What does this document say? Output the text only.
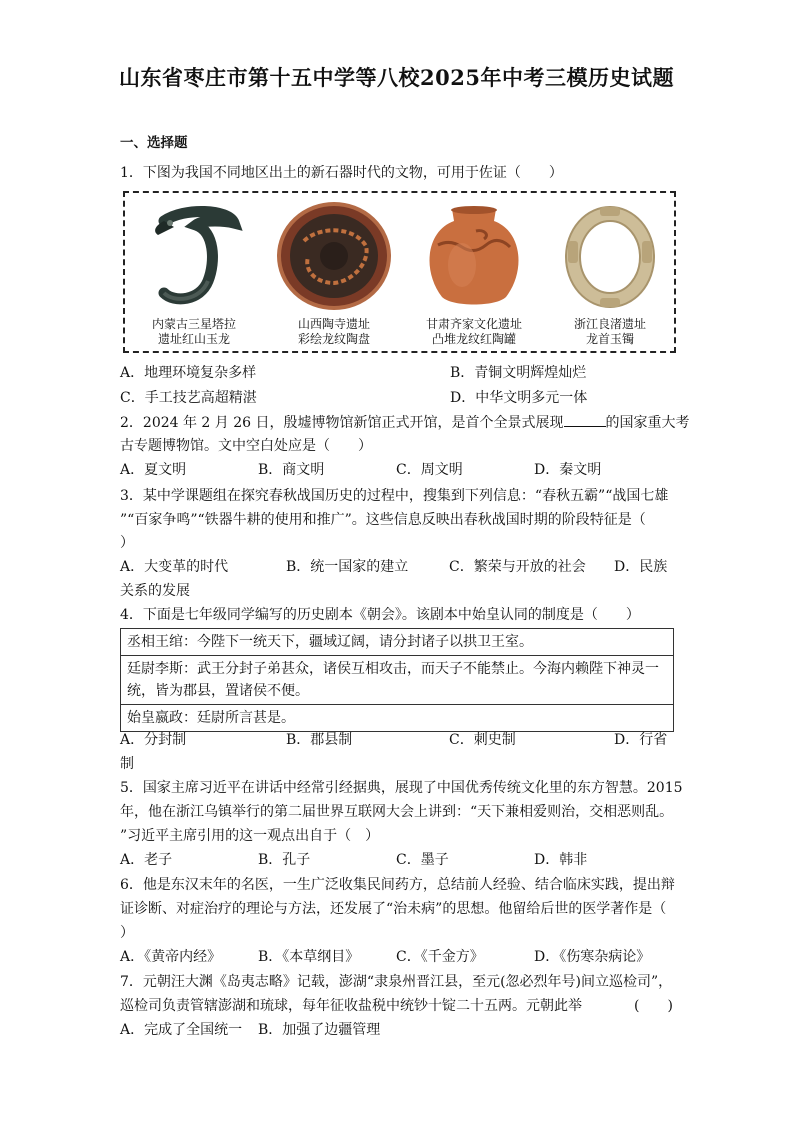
山东省枣庄市第十五中学等八校2025年中考三模历史试题
一、选择题
1．下图为我国不同地区出土的新石器时代的文物，可用于佐证（　　）
内蒙古三星塔拉
遗址红山玉龙
山西陶寺遗址
彩绘龙纹陶盘
甘肃齐家文化遗址
凸堆龙纹红陶罐
浙江良渚遗址
龙首玉镯
A．地理环境复杂多样	B．青铜文明辉煌灿烂
C．手工技艺高超精湛	D．中华文明多元一体
2．2024 年 2 月 26 日，殷墟博物馆新馆正式开馆，是首个全景式展现	的国家重大考
古专题博物馆。文中空白处应是（　　）
A．夏文明	B．商文明	C．周文明	D．秦文明
3．某中学课题组在探究春秋战国历史的过程中，搜集到下列信息：“春秋五霸”“战国七雄
”“百家争鸣”“铁器牛耕的使用和推广”。这些信息反映出春秋战国时期的阶段特征是（
）
A．大变革的时代	B．统一国家的建立	C．繁荣与开放的社会 D．民族
关系的发展
4．下面是七年级同学编写的历史剧本《朝会》。该剧本中始皇认同的制度是（　　）
丞相王绾：今陛下一统天下，疆域辽阔，请分封诸子以拱卫王室。
廷尉李斯：武王分封子弟甚众，诸侯互相攻击，而天子不能禁止。今海内赖陛下神灵一统，皆为郡县，置诸侯不便。
始皇嬴政：廷尉所言甚是。
A．分封制	B．郡县制	C．刺史制	D．行省
制
5．国家主席习近平在讲话中经常引经据典，展现了中国优秀传统文化里的东方智慧。2015
年，他在浙江乌镇举行的第二届世界互联网大会上讲到：“天下兼相爱则治，交相恶则乱。
”习近平主席引用的这一观点出自于（　）
A．老子	B．孔子	C．墨子	D．韩非
6．他是东汉末年的名医，一生广泛收集民间药方，总结前人经验、结合临床实践，提出辩
证诊断、对症治疗的理论与方法，还发展了“治未病”的思想。他留给后世的医学著作是（
）
A．《黄帝内经》	B．《本草纲目》	C．《千金方》	D．《伤寒杂病论》
7．元朝汪大渊《岛夷志略》记载，澎湖“隶泉州晋江县，至元(忽必烈年号)间立巡检司”，
巡检司负责管辖澎湖和琉球，每年征收盐税中统钞十锭二十五两。元朝此举	(　　)
A．完成了全国统一 B．加强了边疆管理
